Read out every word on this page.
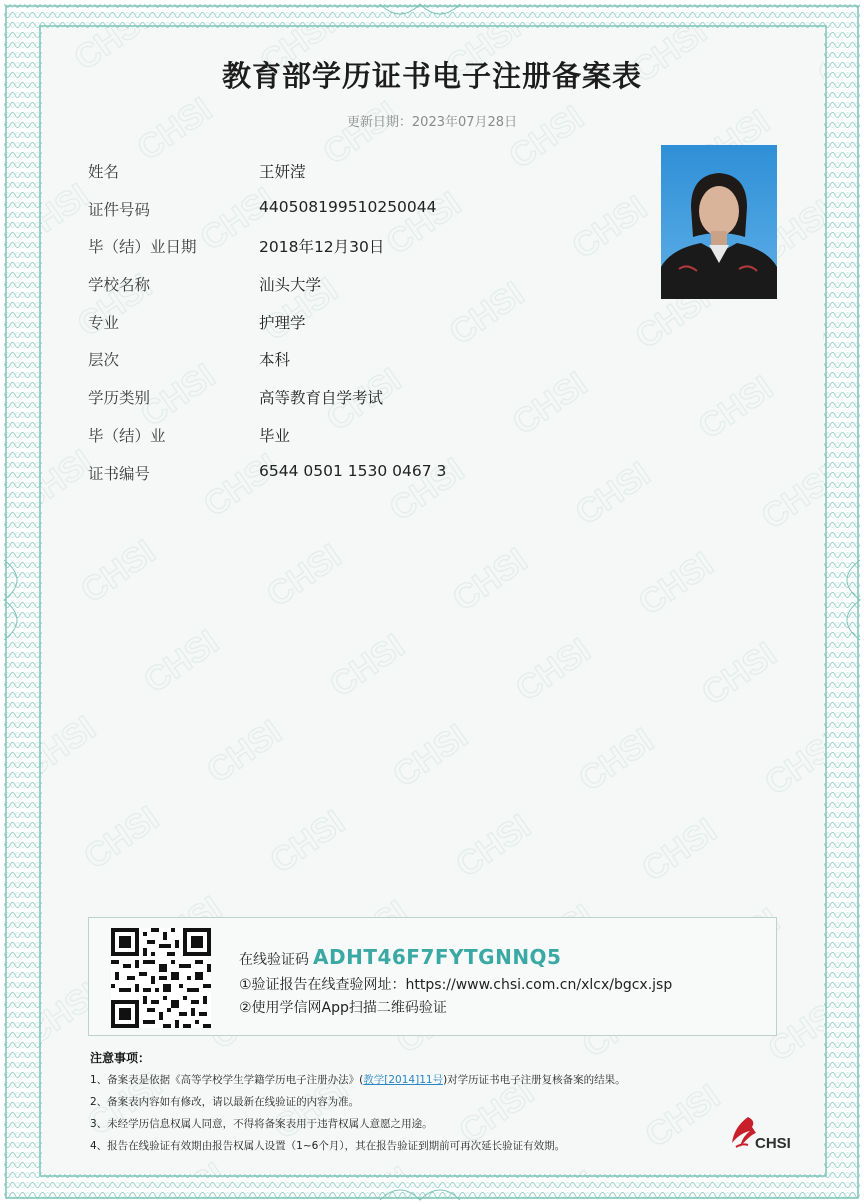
教育部学历证书电子注册备案表
更新日期：2023年07月28日
姓名	王妍滢
证件号码	440508199510250044
毕（结）业日期	2018年12月30日
学校名称	汕头大学
专业	护理学
层次	本科
学历类别	高等教育自学考试
毕（结）业	毕业
证书编号	6544 0501 1530 0467 3
在线验证码 ADHT46F7FYTGNNQ5
①验证报告在线查验网址：https://www.chsi.com.cn/xlcx/bgcx.jsp
②使用学信网App扫描二维码验证
注意事项：
1、备案表是依据《高等学校学生学籍学历电子注册办法》(教学[2014]11号)对学历证书电子注册复核备案的结果。
2、备案表内容如有修改，请以最新在线验证的内容为准。
3、未经学历信息权属人同意，不得将备案表用于违背权属人意愿之用途。
4、报告在线验证有效期由报告权属人设置（1~6个月），其在报告验证到期前可再次延长验证有效期。	CHSI
